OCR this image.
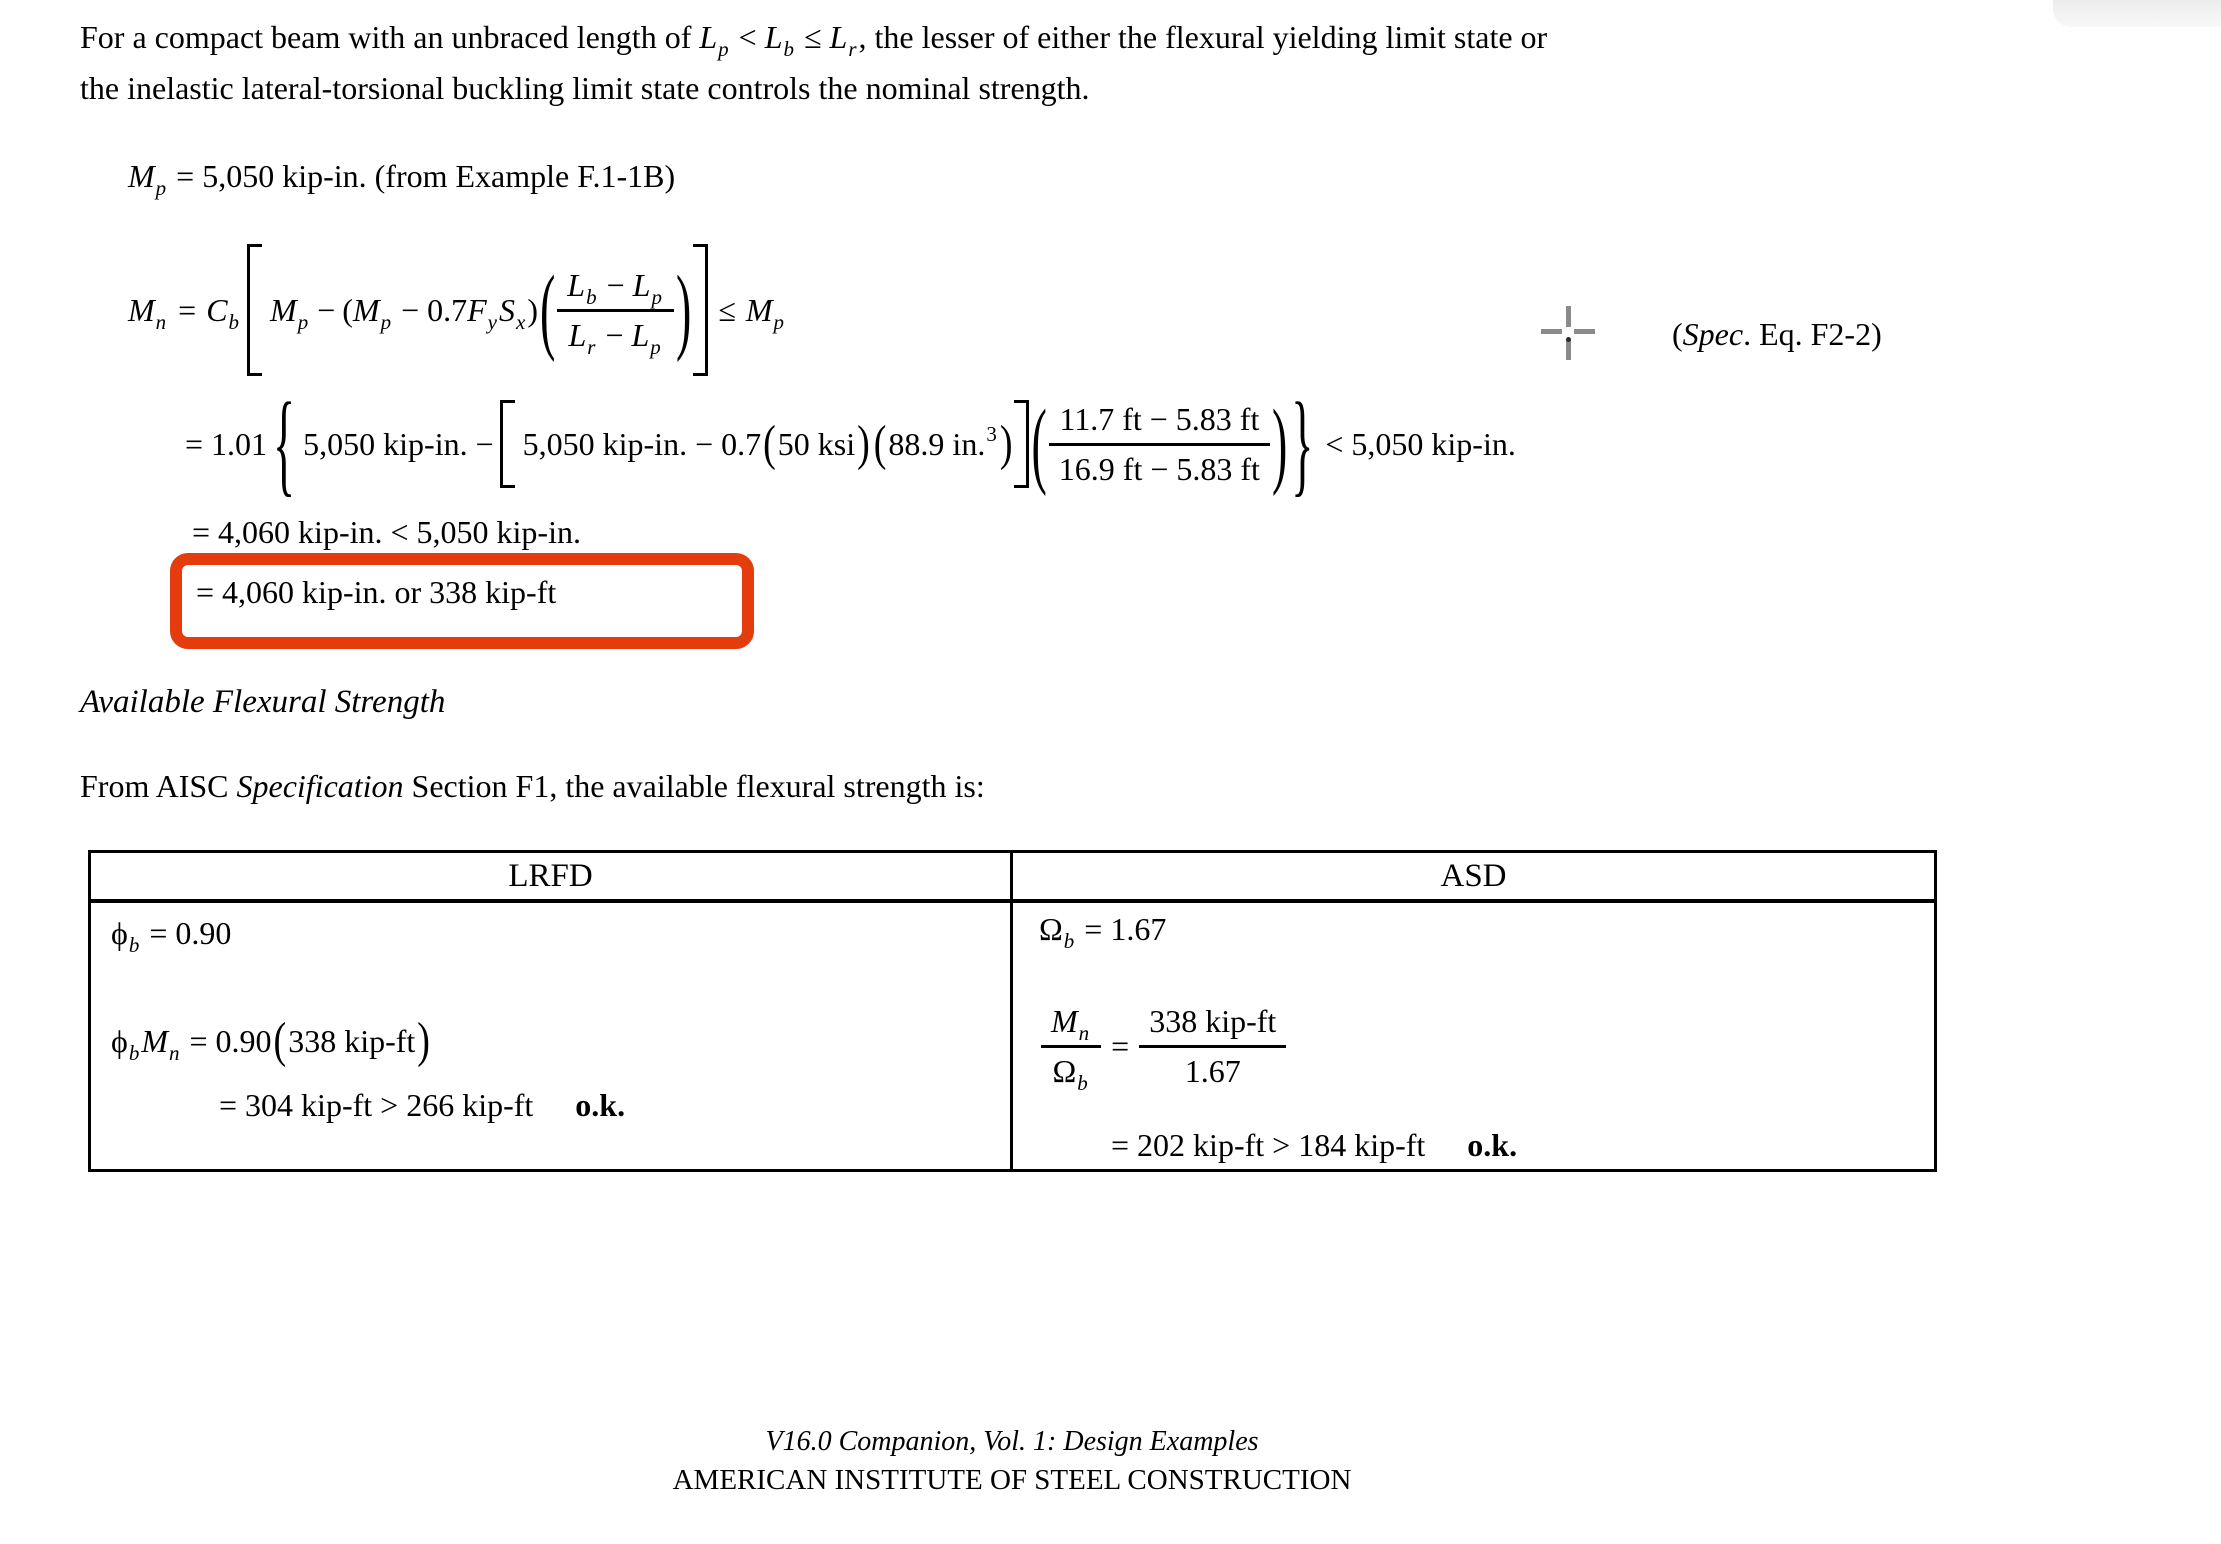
For a compact beam with an unbraced length of $L_p < L_b \le L_r$, the lesser of either the flexural yielding limit state or
the inelastic lateral-torsional buckling limit state controls the nominal strength.
$M_p = 5,050$ kip-in. (from Example F.1-1B)
$M_n = C_b$ $M_p - (M_p - 0.7F_yS_x)$ ( $\frac{L_b - L_p}{L_r - L_p}$ ) ≤ $M_p$	(Spec. Eq. F2-2)
= 1.01 { 5,050 kip-in. − 5,050 kip-in. − 0.7 ( 50 ksi ) ( 88.9 in.$^3$ ) ( $\frac{11.7 ft - 5.83 ft}{16.9 ft - 5.83 ft}$ ) } < 5,050 kip-in.
= 4,060 kip-in. < 5,050 kip-in.
= 4,060 kip-in. or 338 kip-ft
Available Flexural Strength
From AISC Specification Section F1, the available flexural strength is:
LRFD	ASD
$\phi_b = 0.90$
$\phi_bM_n = 0.90$ ( 338 kip-ft )
= 304 kip-ft > 266 kip-ft o.k.
$\Omega_b = 1.67$
$\frac{M_n}{\Omega_b} = \frac{\text{338 kip-ft}}{1.67}$
= 202 kip-ft > 184 kip-ft o.k.
V16.0 Companion, Vol. 1: Design Examples
AMERICAN INSTITUTE OF STEEL CONSTRUCTION
